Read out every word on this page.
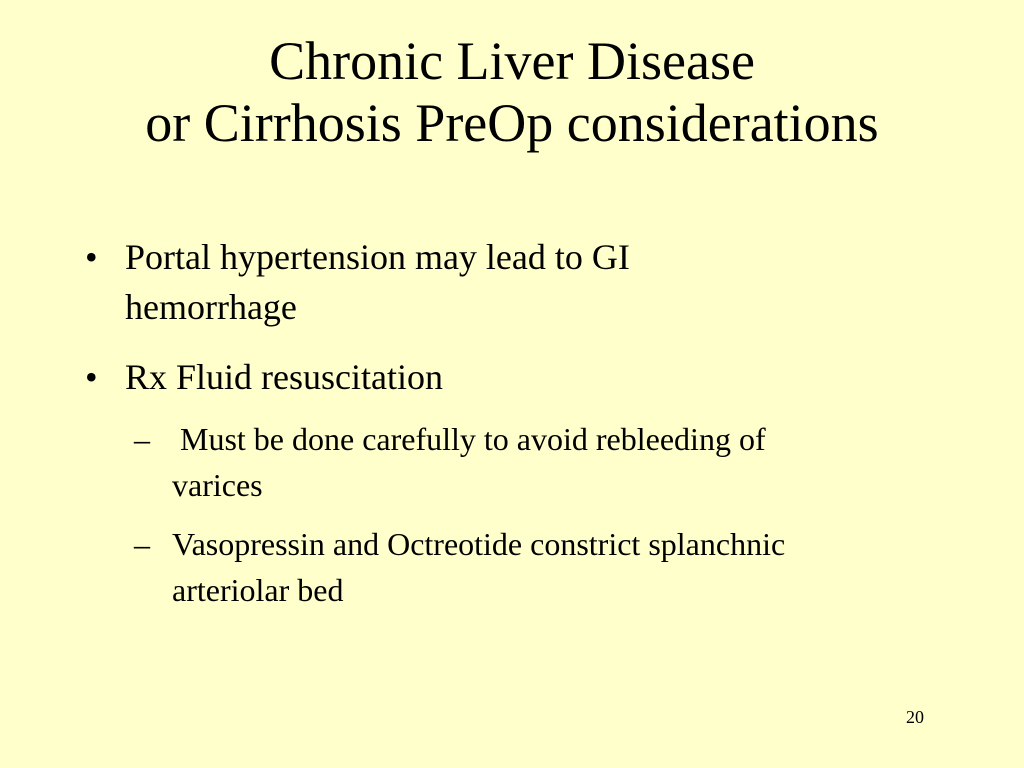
Chronic Liver Disease
or Cirrhosis PreOp considerations
• Portal hypertension may lead to GI
hemorrhage
• Rx Fluid resuscitation
– Must be done carefully to avoid rebleeding of
varices
– Vasopressin and Octreotide constrict splanchnic
arteriolar bed
20
